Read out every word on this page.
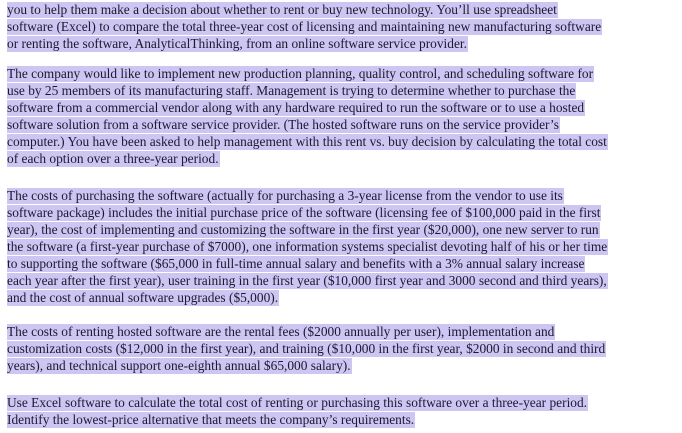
you to help them make a decision about whether to rent or buy new technology. You’ll use spreadsheet
software (Excel) to compare the total three-year cost of licensing and maintaining new manufacturing software
or renting the software, AnalyticalThinking, from an online software service provider.
The company would like to implement new production planning, quality control, and scheduling software for
use by 25 members of its manufacturing staff. Management is trying to determine whether to purchase the
software from a commercial vendor along with any hardware required to run the software or to use a hosted
software solution from a software service provider. (The hosted software runs on the service provider’s
computer.) You have been asked to help management with this rent vs. buy decision by calculating the total cost
of each option over a three-year period.
The costs of purchasing the software (actually for purchasing a 3-year license from the vendor to use its
software package) includes the initial purchase price of the software (licensing fee of $100,000 paid in the first
year), the cost of implementing and customizing the software in the first year ($20,000), one new server to run
the software (a first-year purchase of $7000), one information systems specialist devoting half of his or her time
to supporting the software ($65,000 in full-time annual salary and benefits with a 3% annual salary increase
each year after the first year), user training in the first year ($10,000 first year and 3000 second and third years),
and the cost of annual software upgrades ($5,000).
The costs of renting hosted software are the rental fees ($2000 annually per user), implementation and
customization costs ($12,000 in the first year), and training ($10,000 in the first year, $2000 in second and third
years), and technical support one-eighth annual $65,000 salary).
Use Excel software to calculate the total cost of renting or purchasing this software over a three-year period.
Identify the lowest-price alternative that meets the company’s requirements.
